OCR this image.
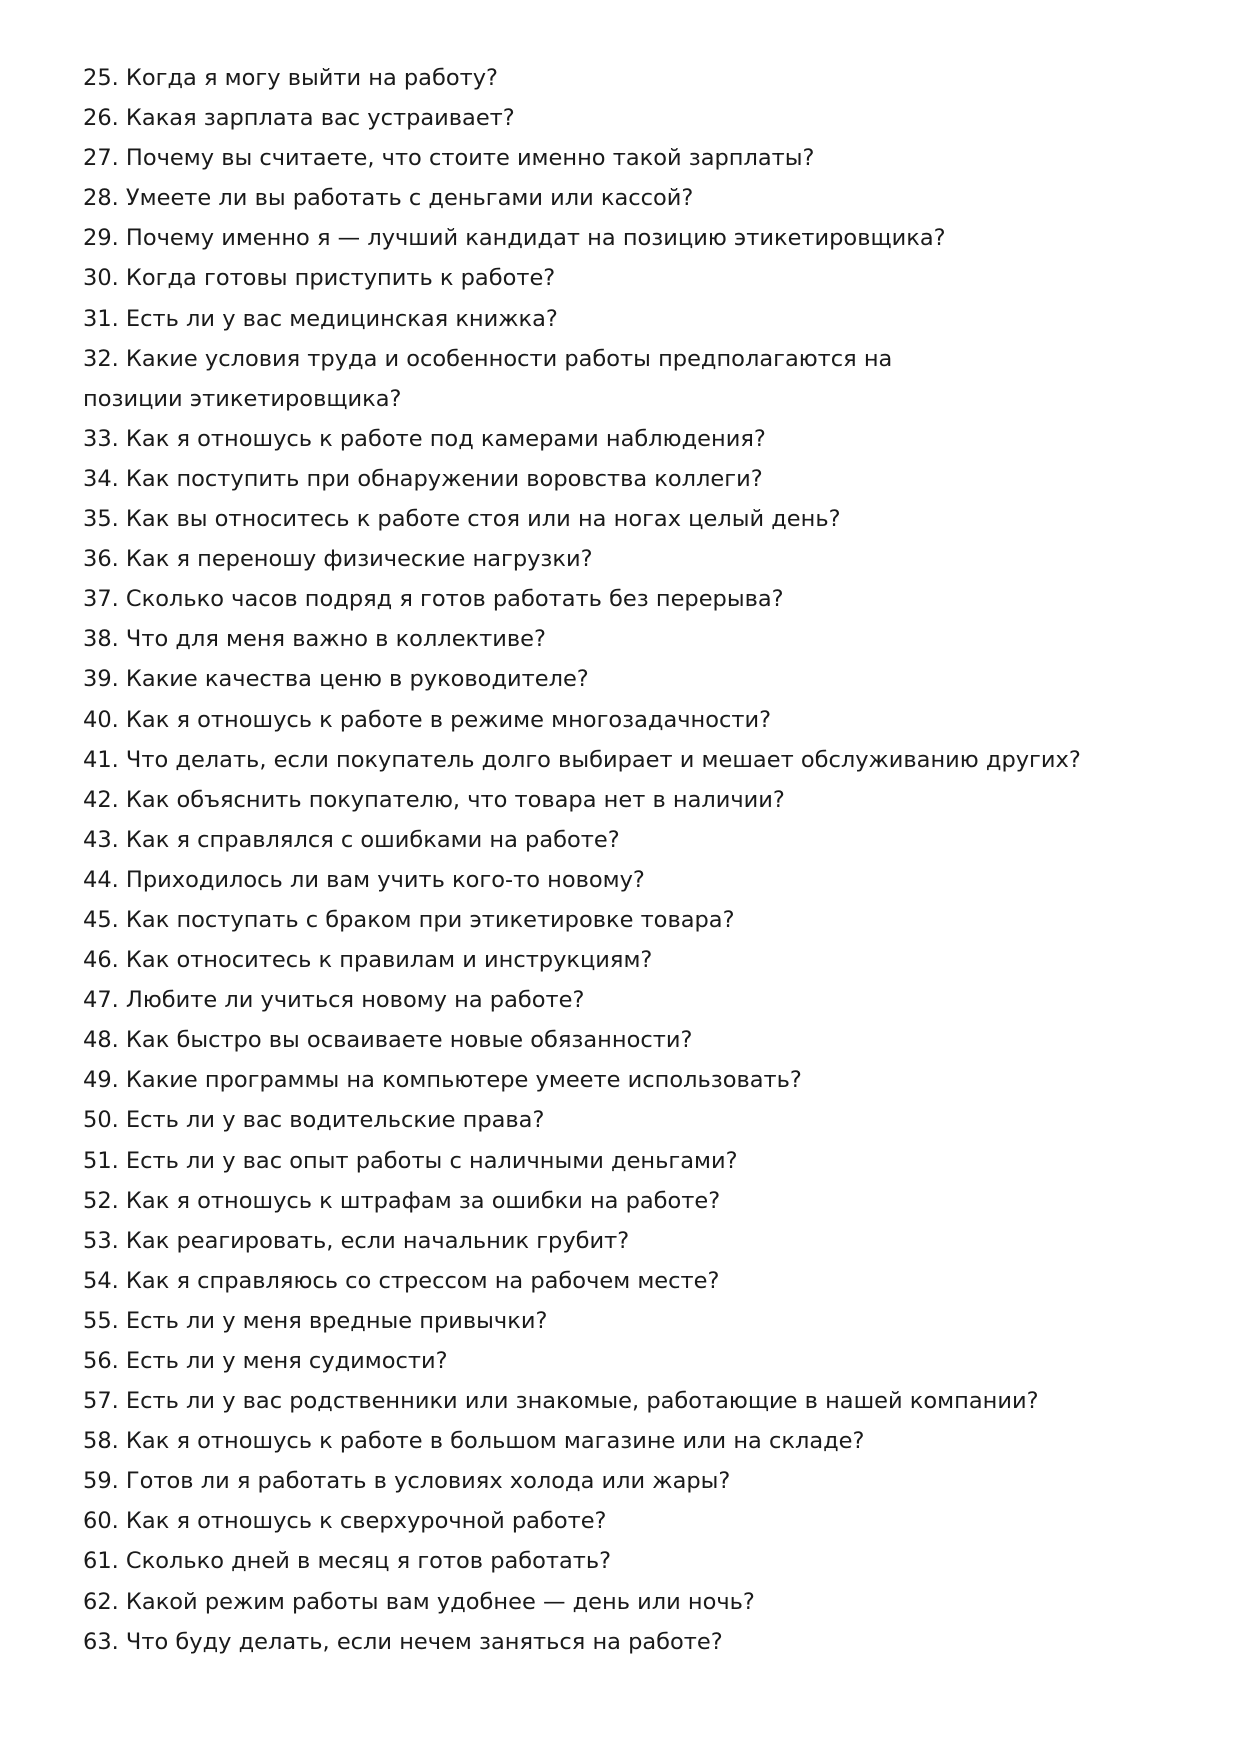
25. Когда я могу выйти на работу?
26. Какая зарплата вас устраивает?
27. Почему вы считаете, что стоите именно такой зарплаты?
28. Умеете ли вы работать с деньгами или кассой?
29. Почему именно я — лучший кандидат на позицию этикетировщика?
30. Когда готовы приступить к работе?
31. Есть ли у вас медицинская книжка?
32. Какие условия труда и особенности работы предполагаются на позиции этикетировщика?
33. Как я отношусь к работе под камерами наблюдения?
34. Как поступить при обнаружении воровства коллеги?
35. Как вы относитесь к работе стоя или на ногах целый день?
36. Как я переношу физические нагрузки?
37. Сколько часов подряд я готов работать без перерыва?
38. Что для меня важно в коллективе?
39. Какие качества ценю в руководителе?
40. Как я отношусь к работе в режиме многозадачности?
41. Что делать, если покупатель долго выбирает и мешает обслуживанию других?
42. Как объяснить покупателю, что товара нет в наличии?
43. Как я справлялся с ошибками на работе?
44. Приходилось ли вам учить кого-то новому?
45. Как поступать с браком при этикетировке товара?
46. Как относитесь к правилам и инструкциям?
47. Любите ли учиться новому на работе?
48. Как быстро вы осваиваете новые обязанности?
49. Какие программы на компьютере умеете использовать?
50. Есть ли у вас водительские права?
51. Есть ли у вас опыт работы с наличными деньгами?
52. Как я отношусь к штрафам за ошибки на работе?
53. Как реагировать, если начальник грубит?
54. Как я справляюсь со стрессом на рабочем месте?
55. Есть ли у меня вредные привычки?
56. Есть ли у меня судимости?
57. Есть ли у вас родственники или знакомые, работающие в нашей компании?
58. Как я отношусь к работе в большом магазине или на складе?
59. Готов ли я работать в условиях холода или жары?
60. Как я отношусь к сверхурочной работе?
61. Сколько дней в месяц я готов работать?
62. Какой режим работы вам удобнее — день или ночь?
63. Что буду делать, если нечем заняться на работе?
